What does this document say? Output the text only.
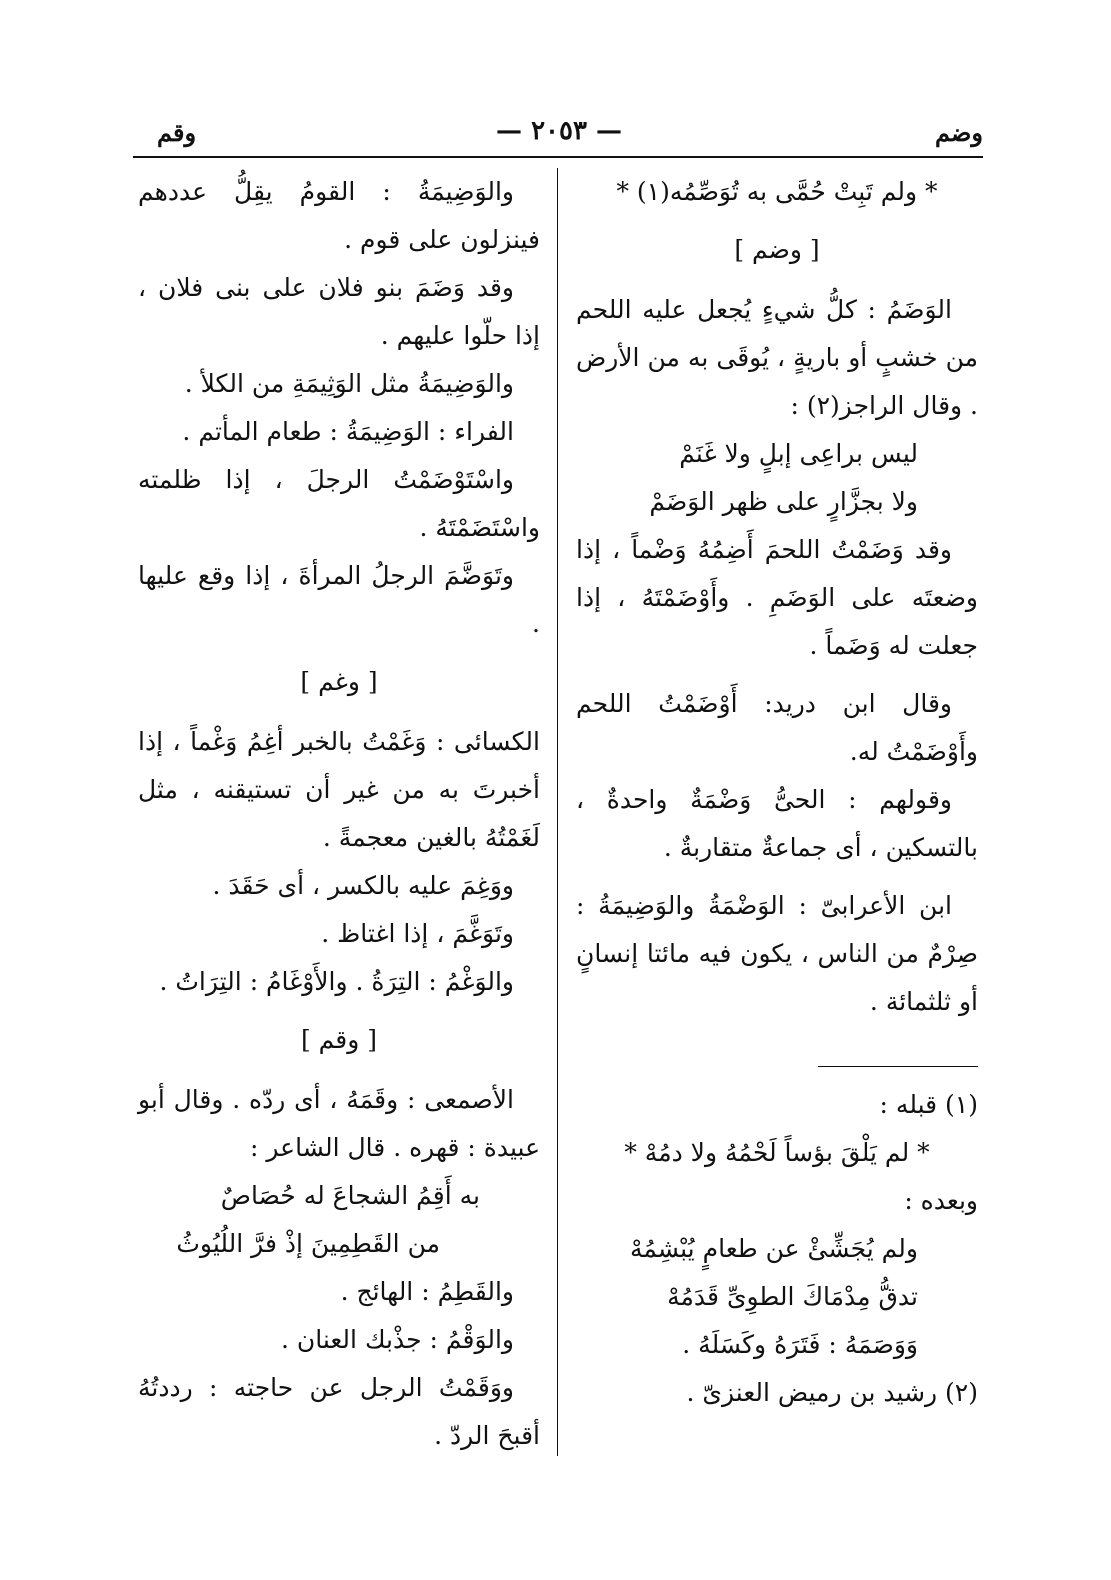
وضم
— ٢٠٥٣ —
وقم

* ولم تَبِتْ حُمَّى به تُوَصِّمُه(١) *

[ وضم ]

الوَضَمُ : كلُّ شيءٍ يُجعل عليه اللحم من خشبٍ أو باريةٍ ، يُوقَى به من الأرض . وقال الراجز(٢) :

ليس براعِى إبلٍ ولا غَنَمْ

ولا بجزَّارٍ على ظهر الوَضَمْ

وقد وَضَمْتُ اللحمَ أَضِمُهُ وَضْماً ، إذا وضعتَه على الوَضَمِ . وأَوْضَمْتَهُ ، إذا جعلت له وَضَماً .

وقال ابن دريد: أَوْضَمْتُ اللحم وأَوْضَمْتُ له.

وقولهم : الحىُّ وَضْمَةٌ واحدةٌ ، بالتسكين ، أى جماعةٌ متقاربةٌ .

ابن الأعرابىّ : الوَضْمَةُ والوَضِيمَةُ : صِرْمٌ من الناس ، يكون فيه مائتا إنسانٍ أو ثلثمائة .

(١) قبله :

* لم يَلْقَ بؤساً لَحْمُهُ ولا دمُهْ *

وبعده :

ولم يُجَشِّئْ عن طعامٍ يُبْشِمُهْ

تدقُّ مِدْمَاكَ الطوِىِّ قَدَمُهْ

وَوَصَمَهُ : فَتَرَهُ وكَسَلَهُ .

(٢) رشيد بن رميض العنزىّ .

والوَضِيمَةُ : القومُ يقِلُّ عددهم فينزلون على قوم .

وقد وَضَمَ بنو فلان على بنى فلان ، إذا حلّوا عليهم .

والوَضِيمَةُ مثل الوَثِيمَةِ من الكلأ .

الفراء : الوَضِيمَةُ : طعام المأتم .

واسْتَوْضَمْتُ الرجلَ ، إذا ظلمته واسْتَضَمْتَهُ .

وتَوَضَّمَ الرجلُ المرأةَ ، إذا وقع عليها .

[ وغم ]

الكسائى : وَغَمْتُ بالخبر أغِمُ وَغْماً ، إذا أخبرتَ به من غير أن تستيقنه ، مثل لَغَمْتُهُ بالغين معجمةً .

ووَغِمَ عليه بالكسر ، أى حَقَدَ .

وتَوَغَّمَ ، إذا اغتاظ .

والوَغْمُ : التِرَةُ . والأَوْغَامُ : التِرَاتُ .

[ وقم ]

الأصمعى : وقَمَهُ ، أى ردّه . وقال أبو عبيدة : قهره . قال الشاعر :

به أَقِمُ الشجاعَ له حُصَاصٌ

من القَطِمِينَ إذْ فرَّ اللُيُوثُ

والقَطِمُ : الهائج .

والوَقْمُ : جذْبك العنان .

ووَقَمْتُ الرجل عن حاجته : رددتُهُ أقبحَ الردّ .
